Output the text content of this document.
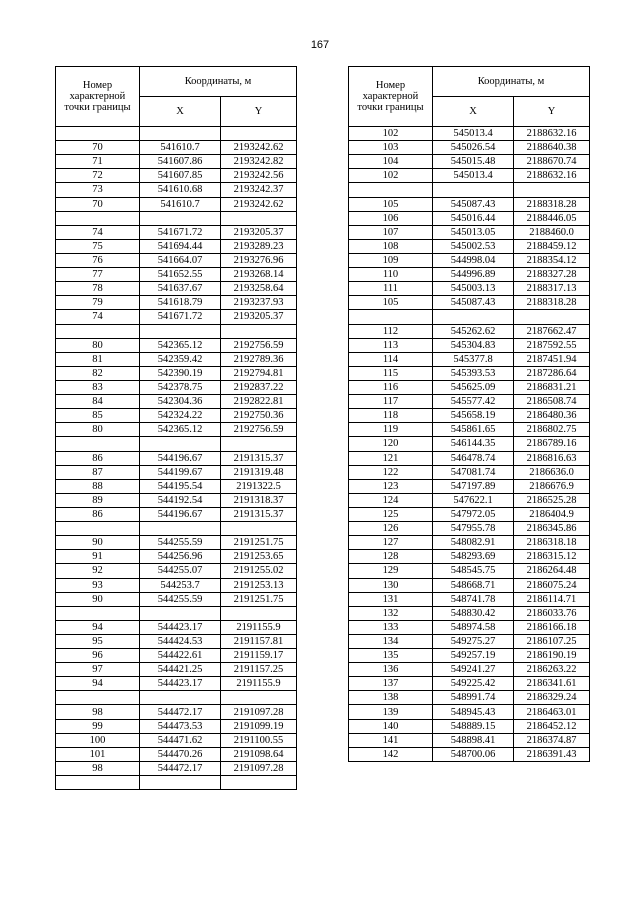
167
Номер характерной точки границы	Координаты, м	
	X	Y

70	541610.7	2193242.62
71	541607.86	2193242.82
72	541607.85	2193242.56
73	541610.68	2193242.37
70	541610.7	2193242.62

74	541671.72	2193205.37
75	541694.44	2193289.23
76	541664.07	2193276.96
77	541652.55	2193268.14
78	541637.67	2193258.64
79	541618.79	2193237.93
74	541671.72	2193205.37

80	542365.12	2192756.59
81	542359.42	2192789.36
82	542390.19	2192794.81
83	542378.75	2192837.22
84	542304.36	2192822.81
85	542324.22	2192750.36
80	542365.12	2192756.59

86	544196.67	2191315.37
87	544199.67	2191319.48
88	544195.54	2191322.5
89	544192.54	2191318.37
86	544196.67	2191315.37

90	544255.59	2191251.75
91	544256.96	2191253.65
92	544255.07	2191255.02
93	544253.7	2191253.13
90	544255.59	2191251.75

94	544423.17	2191155.9
95	544424.53	2191157.81
96	544422.61	2191159.17
97	544421.25	2191157.25
94	544423.17	2191155.9

98	544472.17	2191097.28
99	544473.53	2191099.19
100	544471.62	2191100.55
101	544470.26	2191098.64
98	544472.17	2191097.28

Номер характерной точки границы	Координаты, м	
	X	Y
102	545013.4	2188632.16
103	545026.54	2188640.38
104	545015.48	2188670.74
102	545013.4	2188632.16

105	545087.43	2188318.28
106	545016.44	2188446.05
107	545013.05	2188460.0
108	545002.53	2188459.12
109	544998.04	2188354.12
110	544996.89	2188327.28
111	545003.13	2188317.13
105	545087.43	2188318.28

112	545262.62	2187662.47
113	545304.83	2187592.55
114	545377.8	2187451.94
115	545393.53	2187286.64
116	545625.09	2186831.21
117	545577.42	2186508.74
118	545658.19	2186480.36
119	545861.65	2186802.75
120	546144.35	2186789.16
121	546478.74	2186816.63
122	547081.74	2186636.0
123	547197.89	2186676.9
124	547622.1	2186525.28
125	547972.05	2186404.9
126	547955.78	2186345.86
127	548082.91	2186318.18
128	548293.69	2186315.12
129	548545.75	2186264.48
130	548668.71	2186075.24
131	548741.78	2186114.71
132	548830.42	2186033.76
133	548974.58	2186166.18
134	549275.27	2186107.25
135	549257.19	2186190.19
136	549241.27	2186263.22
137	549225.42	2186341.61
138	548991.74	2186329.24
139	548945.43	2186463.01
140	548889.15	2186452.12
141	548898.41	2186374.87
142	548700.06	2186391.43
